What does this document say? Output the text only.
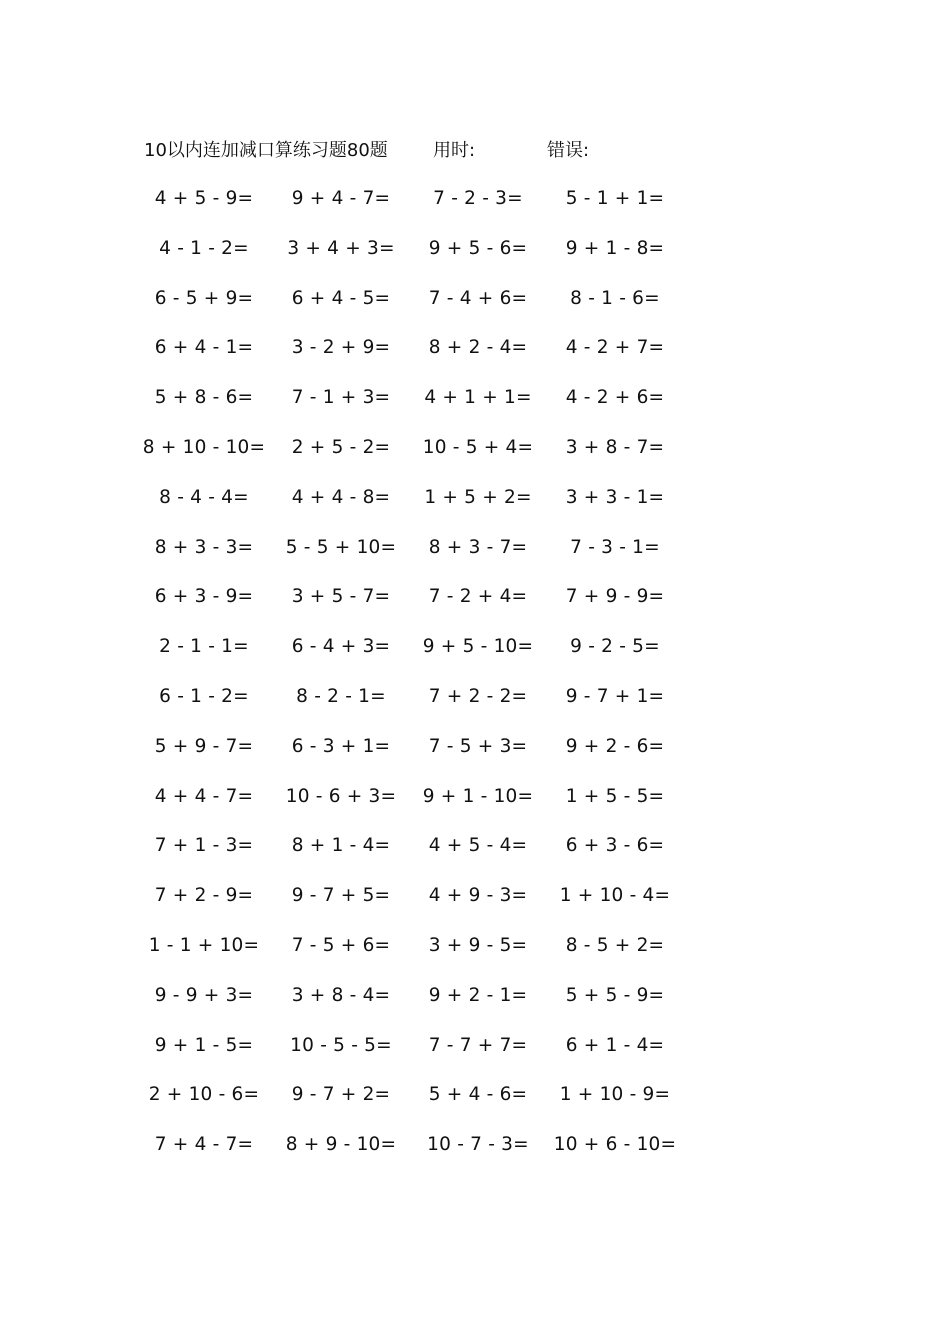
10以内连加减口算练习题80题	用时:	错误:
4 + 5 - 9=	9 + 4 - 7=	7 - 2 - 3=	5 - 1 + 1=
4 - 1 - 2=	3 + 4 + 3=	9 + 5 - 6=	9 + 1 - 8=
6 - 5 + 9=	6 + 4 - 5=	7 - 4 + 6=	8 - 1 - 6=
6 + 4 - 1=	3 - 2 + 9=	8 + 2 - 4=	4 - 2 + 7=
5 + 8 - 6=	7 - 1 + 3=	4 + 1 + 1=	4 - 2 + 6=
8 + 10 - 10=	2 + 5 - 2=	10 - 5 + 4=	3 + 8 - 7=
8 - 4 - 4=	4 + 4 - 8=	1 + 5 + 2=	3 + 3 - 1=
8 + 3 - 3=	5 - 5 + 10=	8 + 3 - 7=	7 - 3 - 1=
6 + 3 - 9=	3 + 5 - 7=	7 - 2 + 4=	7 + 9 - 9=
2 - 1 - 1=	6 - 4 + 3=	9 + 5 - 10=	9 - 2 - 5=
6 - 1 - 2=	8 - 2 - 1=	7 + 2 - 2=	9 - 7 + 1=
5 + 9 - 7=	6 - 3 + 1=	7 - 5 + 3=	9 + 2 - 6=
4 + 4 - 7=	10 - 6 + 3=	9 + 1 - 10=	1 + 5 - 5=
7 + 1 - 3=	8 + 1 - 4=	4 + 5 - 4=	6 + 3 - 6=
7 + 2 - 9=	9 - 7 + 5=	4 + 9 - 3=	1 + 10 - 4=
1 - 1 + 10=	7 - 5 + 6=	3 + 9 - 5=	8 - 5 + 2=
9 - 9 + 3=	3 + 8 - 4=	9 + 2 - 1=	5 + 5 - 9=
9 + 1 - 5=	10 - 5 - 5=	7 - 7 + 7=	6 + 1 - 4=
2 + 10 - 6=	9 - 7 + 2=	5 + 4 - 6=	1 + 10 - 9=
7 + 4 - 7=	8 + 9 - 10=	10 - 7 - 3=	10 + 6 - 10=
